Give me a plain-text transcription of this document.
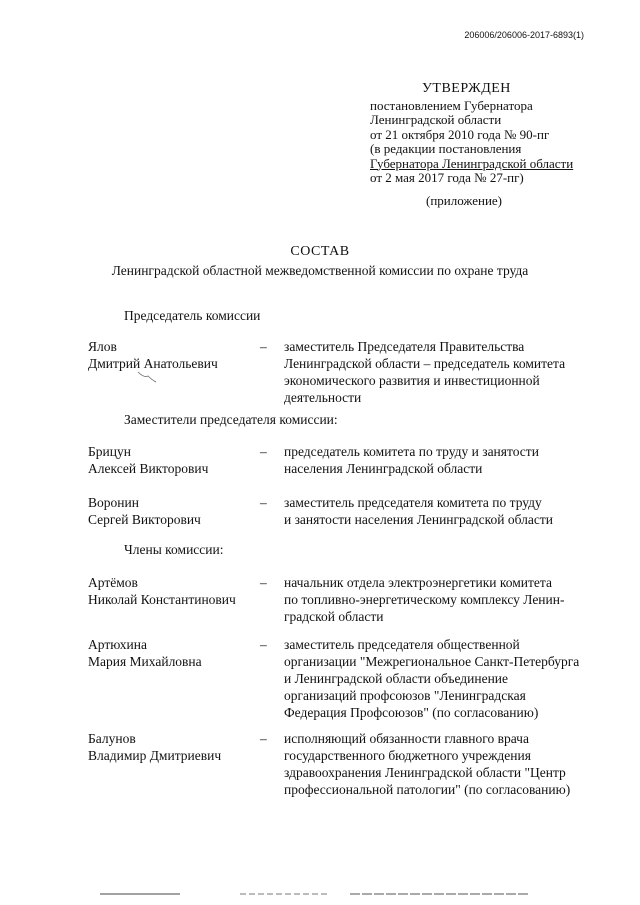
206006/206006-2017-6893(1)
УТВЕРЖДЕН
постановлением Губернатора
Ленинградской области
от 21 октября 2010 года № 90-пг
(в редакции постановления
Губернатора Ленинградской области
от 2 мая 2017 года № 27-пг)
(приложение)
СОСТАВ
Ленинградской областной межведомственной комиссии по охране труда
Председатель комиссии
Ялов
Дмитрий Анатольевич
– заместитель Председателя Правительства
Ленинградской области – председатель комитета
экономического развития и инвестиционной
деятельности
Заместители председателя комиссии:
Брицун
Алексей Викторович
– председатель комитета по труду и занятости
населения Ленинградской области
Воронин
Сергей Викторович
– заместитель председателя комитета по труду
и занятости населения Ленинградской области
Члены комиссии:
Артёмов
Николай Константинович
– начальник отдела электроэнергетики комитета
по топливно-энергетическому комплексу Ленин-
градской области
Артюхина
Мария Михайловна
– заместитель председателя общественной
организации "Межрегиональное Санкт-Петербурга
и Ленинградской области объединение
организаций профсоюзов "Ленинградская
Федерация Профсоюзов" (по согласованию)
Балунов
Владимир Дмитриевич
– исполняющий обязанности главного врача
государственного бюджетного учреждения
здравоохранения Ленинградской области "Центр
профессиональной патологии" (по согласованию)
